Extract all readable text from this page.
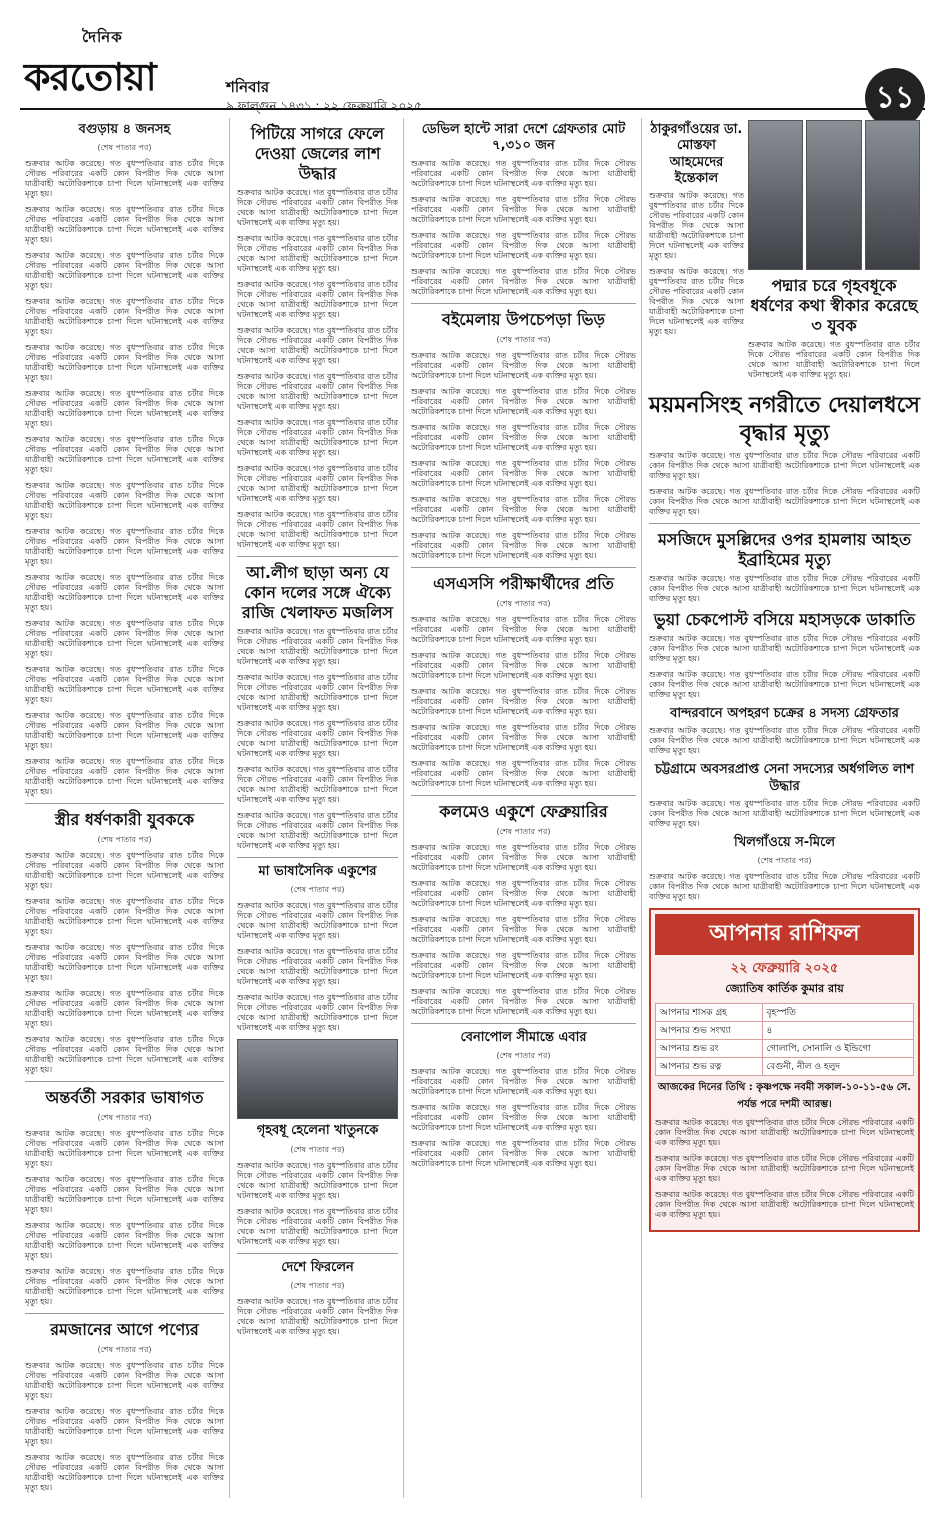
দৈনিক
করতোয়া	শনিবার
৯ ফাল্গুন ১৪৩১ : ২২ ফেব্রুয়ারি ২০২৫	১১
বগুড়ায় ৪ জনসহ
(শেষ পাতার পর)
শুক্রবার আটক করেছে। গত বুধস্পতিবার রাত চর্টার দিকে সৌরভ পরিবারের একটি কোন বিপরীত দিক থেকে আসা যাত্রীবাহী অটোরিকশাকে চাপা দিলে ঘটনাস্থলেই এক ব্যক্তির মৃত্যু হয়।
শুক্রবার আটক করেছে। গত বুধস্পতিবার রাত চর্টার দিকে সৌরভ পরিবারের একটি কোন বিপরীত দিক থেকে আসা যাত্রীবাহী অটোরিকশাকে চাপা দিলে ঘটনাস্থলেই এক ব্যক্তির মৃত্যু হয়।
শুক্রবার আটক করেছে। গত বুধস্পতিবার রাত চর্টার দিকে সৌরভ পরিবারের একটি কোন বিপরীত দিক থেকে আসা যাত্রীবাহী অটোরিকশাকে চাপা দিলে ঘটনাস্থলেই এক ব্যক্তির মৃত্যু হয়।
শুক্রবার আটক করেছে। গত বুধস্পতিবার রাত চর্টার দিকে সৌরভ পরিবারের একটি কোন বিপরীত দিক থেকে আসা যাত্রীবাহী অটোরিকশাকে চাপা দিলে ঘটনাস্থলেই এক ব্যক্তির মৃত্যু হয়।
শুক্রবার আটক করেছে। গত বুধস্পতিবার রাত চর্টার দিকে সৌরভ পরিবারের একটি কোন বিপরীত দিক থেকে আসা যাত্রীবাহী অটোরিকশাকে চাপা দিলে ঘটনাস্থলেই এক ব্যক্তির মৃত্যু হয়।
শুক্রবার আটক করেছে। গত বুধস্পতিবার রাত চর্টার দিকে সৌরভ পরিবারের একটি কোন বিপরীত দিক থেকে আসা যাত্রীবাহী অটোরিকশাকে চাপা দিলে ঘটনাস্থলেই এক ব্যক্তির মৃত্যু হয়।
শুক্রবার আটক করেছে। গত বুধস্পতিবার রাত চর্টার দিকে সৌরভ পরিবারের একটি কোন বিপরীত দিক থেকে আসা যাত্রীবাহী অটোরিকশাকে চাপা দিলে ঘটনাস্থলেই এক ব্যক্তির মৃত্যু হয়।
শুক্রবার আটক করেছে। গত বুধস্পতিবার রাত চর্টার দিকে সৌরভ পরিবারের একটি কোন বিপরীত দিক থেকে আসা যাত্রীবাহী অটোরিকশাকে চাপা দিলে ঘটনাস্থলেই এক ব্যক্তির মৃত্যু হয়।
শুক্রবার আটক করেছে। গত বুধস্পতিবার রাত চর্টার দিকে সৌরভ পরিবারের একটি কোন বিপরীত দিক থেকে আসা যাত্রীবাহী অটোরিকশাকে চাপা দিলে ঘটনাস্থলেই এক ব্যক্তির মৃত্যু হয়।
শুক্রবার আটক করেছে। গত বুধস্পতিবার রাত চর্টার দিকে সৌরভ পরিবারের একটি কোন বিপরীত দিক থেকে আসা যাত্রীবাহী অটোরিকশাকে চাপা দিলে ঘটনাস্থলেই এক ব্যক্তির মৃত্যু হয়।
শুক্রবার আটক করেছে। গত বুধস্পতিবার রাত চর্টার দিকে সৌরভ পরিবারের একটি কোন বিপরীত দিক থেকে আসা যাত্রীবাহী অটোরিকশাকে চাপা দিলে ঘটনাস্থলেই এক ব্যক্তির মৃত্যু হয়।
শুক্রবার আটক করেছে। গত বুধস্পতিবার রাত চর্টার দিকে সৌরভ পরিবারের একটি কোন বিপরীত দিক থেকে আসা যাত্রীবাহী অটোরিকশাকে চাপা দিলে ঘটনাস্থলেই এক ব্যক্তির মৃত্যু হয়।
শুক্রবার আটক করেছে। গত বুধস্পতিবার রাত চর্টার দিকে সৌরভ পরিবারের একটি কোন বিপরীত দিক থেকে আসা যাত্রীবাহী অটোরিকশাকে চাপা দিলে ঘটনাস্থলেই এক ব্যক্তির মৃত্যু হয়।
শুক্রবার আটক করেছে। গত বুধস্পতিবার রাত চর্টার দিকে সৌরভ পরিবারের একটি কোন বিপরীত দিক থেকে আসা যাত্রীবাহী অটোরিকশাকে চাপা দিলে ঘটনাস্থলেই এক ব্যক্তির মৃত্যু হয়।
স্ত্রীর ধর্ষণকারী যুবককে
(শেষ পাতার পর)
শুক্রবার আটক করেছে। গত বুধস্পতিবার রাত চর্টার দিকে সৌরভ পরিবারের একটি কোন বিপরীত দিক থেকে আসা যাত্রীবাহী অটোরিকশাকে চাপা দিলে ঘটনাস্থলেই এক ব্যক্তির মৃত্যু হয়।
শুক্রবার আটক করেছে। গত বুধস্পতিবার রাত চর্টার দিকে সৌরভ পরিবারের একটি কোন বিপরীত দিক থেকে আসা যাত্রীবাহী অটোরিকশাকে চাপা দিলে ঘটনাস্থলেই এক ব্যক্তির মৃত্যু হয়।
শুক্রবার আটক করেছে। গত বুধস্পতিবার রাত চর্টার দিকে সৌরভ পরিবারের একটি কোন বিপরীত দিক থেকে আসা যাত্রীবাহী অটোরিকশাকে চাপা দিলে ঘটনাস্থলেই এক ব্যক্তির মৃত্যু হয়।
শুক্রবার আটক করেছে। গত বুধস্পতিবার রাত চর্টার দিকে সৌরভ পরিবারের একটি কোন বিপরীত দিক থেকে আসা যাত্রীবাহী অটোরিকশাকে চাপা দিলে ঘটনাস্থলেই এক ব্যক্তির মৃত্যু হয়।
শুক্রবার আটক করেছে। গত বুধস্পতিবার রাত চর্টার দিকে সৌরভ পরিবারের একটি কোন বিপরীত দিক থেকে আসা যাত্রীবাহী অটোরিকশাকে চাপা দিলে ঘটনাস্থলেই এক ব্যক্তির মৃত্যু হয়।
অন্তর্বর্তী সরকার ভাষাগত
(শেষ পাতার পর)
শুক্রবার আটক করেছে। গত বুধস্পতিবার রাত চর্টার দিকে সৌরভ পরিবারের একটি কোন বিপরীত দিক থেকে আসা যাত্রীবাহী অটোরিকশাকে চাপা দিলে ঘটনাস্থলেই এক ব্যক্তির মৃত্যু হয়।
শুক্রবার আটক করেছে। গত বুধস্পতিবার রাত চর্টার দিকে সৌরভ পরিবারের একটি কোন বিপরীত দিক থেকে আসা যাত্রীবাহী অটোরিকশাকে চাপা দিলে ঘটনাস্থলেই এক ব্যক্তির মৃত্যু হয়।
শুক্রবার আটক করেছে। গত বুধস্পতিবার রাত চর্টার দিকে সৌরভ পরিবারের একটি কোন বিপরীত দিক থেকে আসা যাত্রীবাহী অটোরিকশাকে চাপা দিলে ঘটনাস্থলেই এক ব্যক্তির মৃত্যু হয়।
শুক্রবার আটক করেছে। গত বুধস্পতিবার রাত চর্টার দিকে সৌরভ পরিবারের একটি কোন বিপরীত দিক থেকে আসা যাত্রীবাহী অটোরিকশাকে চাপা দিলে ঘটনাস্থলেই এক ব্যক্তির মৃত্যু হয়।
রমজানের আগে পণ্যের
(শেষ পাতার পর)
শুক্রবার আটক করেছে। গত বুধস্পতিবার রাত চর্টার দিকে সৌরভ পরিবারের একটি কোন বিপরীত দিক থেকে আসা যাত্রীবাহী অটোরিকশাকে চাপা দিলে ঘটনাস্থলেই এক ব্যক্তির মৃত্যু হয়।
শুক্রবার আটক করেছে। গত বুধস্পতিবার রাত চর্টার দিকে সৌরভ পরিবারের একটি কোন বিপরীত দিক থেকে আসা যাত্রীবাহী অটোরিকশাকে চাপা দিলে ঘটনাস্থলেই এক ব্যক্তির মৃত্যু হয়।
শুক্রবার আটক করেছে। গত বুধস্পতিবার রাত চর্টার দিকে সৌরভ পরিবারের একটি কোন বিপরীত দিক থেকে আসা যাত্রীবাহী অটোরিকশাকে চাপা দিলে ঘটনাস্থলেই এক ব্যক্তির মৃত্যু হয়।
পিটিয়ে সাগরে ফেলে দেওয়া জেলের লাশ উদ্ধার
শুক্রবার আটক করেছে। গত বুধস্পতিবার রাত চর্টার দিকে সৌরভ পরিবারের একটি কোন বিপরীত দিক থেকে আসা যাত্রীবাহী অটোরিকশাকে চাপা দিলে ঘটনাস্থলেই এক ব্যক্তির মৃত্যু হয়।
শুক্রবার আটক করেছে। গত বুধস্পতিবার রাত চর্টার দিকে সৌরভ পরিবারের একটি কোন বিপরীত দিক থেকে আসা যাত্রীবাহী অটোরিকশাকে চাপা দিলে ঘটনাস্থলেই এক ব্যক্তির মৃত্যু হয়।
শুক্রবার আটক করেছে। গত বুধস্পতিবার রাত চর্টার দিকে সৌরভ পরিবারের একটি কোন বিপরীত দিক থেকে আসা যাত্রীবাহী অটোরিকশাকে চাপা দিলে ঘটনাস্থলেই এক ব্যক্তির মৃত্যু হয়।
শুক্রবার আটক করেছে। গত বুধস্পতিবার রাত চর্টার দিকে সৌরভ পরিবারের একটি কোন বিপরীত দিক থেকে আসা যাত্রীবাহী অটোরিকশাকে চাপা দিলে ঘটনাস্থলেই এক ব্যক্তির মৃত্যু হয়।
শুক্রবার আটক করেছে। গত বুধস্পতিবার রাত চর্টার দিকে সৌরভ পরিবারের একটি কোন বিপরীত দিক থেকে আসা যাত্রীবাহী অটোরিকশাকে চাপা দিলে ঘটনাস্থলেই এক ব্যক্তির মৃত্যু হয়।
শুক্রবার আটক করেছে। গত বুধস্পতিবার রাত চর্টার দিকে সৌরভ পরিবারের একটি কোন বিপরীত দিক থেকে আসা যাত্রীবাহী অটোরিকশাকে চাপা দিলে ঘটনাস্থলেই এক ব্যক্তির মৃত্যু হয়।
শুক্রবার আটক করেছে। গত বুধস্পতিবার রাত চর্টার দিকে সৌরভ পরিবারের একটি কোন বিপরীত দিক থেকে আসা যাত্রীবাহী অটোরিকশাকে চাপা দিলে ঘটনাস্থলেই এক ব্যক্তির মৃত্যু হয়।
শুক্রবার আটক করেছে। গত বুধস্পতিবার রাত চর্টার দিকে সৌরভ পরিবারের একটি কোন বিপরীত দিক থেকে আসা যাত্রীবাহী অটোরিকশাকে চাপা দিলে ঘটনাস্থলেই এক ব্যক্তির মৃত্যু হয়।
আ.লীগ ছাড়া অন্য যে কোন দলের সঙ্গে ঐক্যে রাজি খেলাফত মজলিস
শুক্রবার আটক করেছে। গত বুধস্পতিবার রাত চর্টার দিকে সৌরভ পরিবারের একটি কোন বিপরীত দিক থেকে আসা যাত্রীবাহী অটোরিকশাকে চাপা দিলে ঘটনাস্থলেই এক ব্যক্তির মৃত্যু হয়।
শুক্রবার আটক করেছে। গত বুধস্পতিবার রাত চর্টার দিকে সৌরভ পরিবারের একটি কোন বিপরীত দিক থেকে আসা যাত্রীবাহী অটোরিকশাকে চাপা দিলে ঘটনাস্থলেই এক ব্যক্তির মৃত্যু হয়।
শুক্রবার আটক করেছে। গত বুধস্পতিবার রাত চর্টার দিকে সৌরভ পরিবারের একটি কোন বিপরীত দিক থেকে আসা যাত্রীবাহী অটোরিকশাকে চাপা দিলে ঘটনাস্থলেই এক ব্যক্তির মৃত্যু হয়।
শুক্রবার আটক করেছে। গত বুধস্পতিবার রাত চর্টার দিকে সৌরভ পরিবারের একটি কোন বিপরীত দিক থেকে আসা যাত্রীবাহী অটোরিকশাকে চাপা দিলে ঘটনাস্থলেই এক ব্যক্তির মৃত্যু হয়।
শুক্রবার আটক করেছে। গত বুধস্পতিবার রাত চর্টার দিকে সৌরভ পরিবারের একটি কোন বিপরীত দিক থেকে আসা যাত্রীবাহী অটোরিকশাকে চাপা দিলে ঘটনাস্থলেই এক ব্যক্তির মৃত্যু হয়।
মা ভাষাসৈনিক একুশের
(শেষ পাতার পর)
শুক্রবার আটক করেছে। গত বুধস্পতিবার রাত চর্টার দিকে সৌরভ পরিবারের একটি কোন বিপরীত দিক থেকে আসা যাত্রীবাহী অটোরিকশাকে চাপা দিলে ঘটনাস্থলেই এক ব্যক্তির মৃত্যু হয়।
শুক্রবার আটক করেছে। গত বুধস্পতিবার রাত চর্টার দিকে সৌরভ পরিবারের একটি কোন বিপরীত দিক থেকে আসা যাত্রীবাহী অটোরিকশাকে চাপা দিলে ঘটনাস্থলেই এক ব্যক্তির মৃত্যু হয়।
শুক্রবার আটক করেছে। গত বুধস্পতিবার রাত চর্টার দিকে সৌরভ পরিবারের একটি কোন বিপরীত দিক থেকে আসা যাত্রীবাহী অটোরিকশাকে চাপা দিলে ঘটনাস্থলেই এক ব্যক্তির মৃত্যু হয়।
গৃহবধূ হেলেনা খাতুনকে
(শেষ পাতার পর)
শুক্রবার আটক করেছে। গত বুধস্পতিবার রাত চর্টার দিকে সৌরভ পরিবারের একটি কোন বিপরীত দিক থেকে আসা যাত্রীবাহী অটোরিকশাকে চাপা দিলে ঘটনাস্থলেই এক ব্যক্তির মৃত্যু হয়।
শুক্রবার আটক করেছে। গত বুধস্পতিবার রাত চর্টার দিকে সৌরভ পরিবারের একটি কোন বিপরীত দিক থেকে আসা যাত্রীবাহী অটোরিকশাকে চাপা দিলে ঘটনাস্থলেই এক ব্যক্তির মৃত্যু হয়।
দেশে ফিরলেন
(শেষ পাতার পর)
শুক্রবার আটক করেছে। গত বুধস্পতিবার রাত চর্টার দিকে সৌরভ পরিবারের একটি কোন বিপরীত দিক থেকে আসা যাত্রীবাহী অটোরিকশাকে চাপা দিলে ঘটনাস্থলেই এক ব্যক্তির মৃত্যু হয়।
ডেভিল হান্টে সারা দেশে গ্রেফতার মোট ৭,৩১০ জন
শুক্রবার আটক করেছে। গত বুধস্পতিবার রাত চর্টার দিকে সৌরভ পরিবারের একটি কোন বিপরীত দিক থেকে আসা যাত্রীবাহী অটোরিকশাকে চাপা দিলে ঘটনাস্থলেই এক ব্যক্তির মৃত্যু হয়।
শুক্রবার আটক করেছে। গত বুধস্পতিবার রাত চর্টার দিকে সৌরভ পরিবারের একটি কোন বিপরীত দিক থেকে আসা যাত্রীবাহী অটোরিকশাকে চাপা দিলে ঘটনাস্থলেই এক ব্যক্তির মৃত্যু হয়।
শুক্রবার আটক করেছে। গত বুধস্পতিবার রাত চর্টার দিকে সৌরভ পরিবারের একটি কোন বিপরীত দিক থেকে আসা যাত্রীবাহী অটোরিকশাকে চাপা দিলে ঘটনাস্থলেই এক ব্যক্তির মৃত্যু হয়।
শুক্রবার আটক করেছে। গত বুধস্পতিবার রাত চর্টার দিকে সৌরভ পরিবারের একটি কোন বিপরীত দিক থেকে আসা যাত্রীবাহী অটোরিকশাকে চাপা দিলে ঘটনাস্থলেই এক ব্যক্তির মৃত্যু হয়।
বইমেলায় উপচেপড়া ভিড়
(শেষ পাতার পর)
শুক্রবার আটক করেছে। গত বুধস্পতিবার রাত চর্টার দিকে সৌরভ পরিবারের একটি কোন বিপরীত দিক থেকে আসা যাত্রীবাহী অটোরিকশাকে চাপা দিলে ঘটনাস্থলেই এক ব্যক্তির মৃত্যু হয়।
শুক্রবার আটক করেছে। গত বুধস্পতিবার রাত চর্টার দিকে সৌরভ পরিবারের একটি কোন বিপরীত দিক থেকে আসা যাত্রীবাহী অটোরিকশাকে চাপা দিলে ঘটনাস্থলেই এক ব্যক্তির মৃত্যু হয়।
শুক্রবার আটক করেছে। গত বুধস্পতিবার রাত চর্টার দিকে সৌরভ পরিবারের একটি কোন বিপরীত দিক থেকে আসা যাত্রীবাহী অটোরিকশাকে চাপা দিলে ঘটনাস্থলেই এক ব্যক্তির মৃত্যু হয়।
শুক্রবার আটক করেছে। গত বুধস্পতিবার রাত চর্টার দিকে সৌরভ পরিবারের একটি কোন বিপরীত দিক থেকে আসা যাত্রীবাহী অটোরিকশাকে চাপা দিলে ঘটনাস্থলেই এক ব্যক্তির মৃত্যু হয়।
শুক্রবার আটক করেছে। গত বুধস্পতিবার রাত চর্টার দিকে সৌরভ পরিবারের একটি কোন বিপরীত দিক থেকে আসা যাত্রীবাহী অটোরিকশাকে চাপা দিলে ঘটনাস্থলেই এক ব্যক্তির মৃত্যু হয়।
শুক্রবার আটক করেছে। গত বুধস্পতিবার রাত চর্টার দিকে সৌরভ পরিবারের একটি কোন বিপরীত দিক থেকে আসা যাত্রীবাহী অটোরিকশাকে চাপা দিলে ঘটনাস্থলেই এক ব্যক্তির মৃত্যু হয়।
এসএসসি পরীক্ষার্থীদের প্রতি
(শেষ পাতার পর)
শুক্রবার আটক করেছে। গত বুধস্পতিবার রাত চর্টার দিকে সৌরভ পরিবারের একটি কোন বিপরীত দিক থেকে আসা যাত্রীবাহী অটোরিকশাকে চাপা দিলে ঘটনাস্থলেই এক ব্যক্তির মৃত্যু হয়।
শুক্রবার আটক করেছে। গত বুধস্পতিবার রাত চর্টার দিকে সৌরভ পরিবারের একটি কোন বিপরীত দিক থেকে আসা যাত্রীবাহী অটোরিকশাকে চাপা দিলে ঘটনাস্থলেই এক ব্যক্তির মৃত্যু হয়।
শুক্রবার আটক করেছে। গত বুধস্পতিবার রাত চর্টার দিকে সৌরভ পরিবারের একটি কোন বিপরীত দিক থেকে আসা যাত্রীবাহী অটোরিকশাকে চাপা দিলে ঘটনাস্থলেই এক ব্যক্তির মৃত্যু হয়।
শুক্রবার আটক করেছে। গত বুধস্পতিবার রাত চর্টার দিকে সৌরভ পরিবারের একটি কোন বিপরীত দিক থেকে আসা যাত্রীবাহী অটোরিকশাকে চাপা দিলে ঘটনাস্থলেই এক ব্যক্তির মৃত্যু হয়।
শুক্রবার আটক করেছে। গত বুধস্পতিবার রাত চর্টার দিকে সৌরভ পরিবারের একটি কোন বিপরীত দিক থেকে আসা যাত্রীবাহী অটোরিকশাকে চাপা দিলে ঘটনাস্থলেই এক ব্যক্তির মৃত্যু হয়।
কলমেও একুশে ফেব্রুয়ারির
(শেষ পাতার পর)
শুক্রবার আটক করেছে। গত বুধস্পতিবার রাত চর্টার দিকে সৌরভ পরিবারের একটি কোন বিপরীত দিক থেকে আসা যাত্রীবাহী অটোরিকশাকে চাপা দিলে ঘটনাস্থলেই এক ব্যক্তির মৃত্যু হয়।
শুক্রবার আটক করেছে। গত বুধস্পতিবার রাত চর্টার দিকে সৌরভ পরিবারের একটি কোন বিপরীত দিক থেকে আসা যাত্রীবাহী অটোরিকশাকে চাপা দিলে ঘটনাস্থলেই এক ব্যক্তির মৃত্যু হয়।
শুক্রবার আটক করেছে। গত বুধস্পতিবার রাত চর্টার দিকে সৌরভ পরিবারের একটি কোন বিপরীত দিক থেকে আসা যাত্রীবাহী অটোরিকশাকে চাপা দিলে ঘটনাস্থলেই এক ব্যক্তির মৃত্যু হয়।
শুক্রবার আটক করেছে। গত বুধস্পতিবার রাত চর্টার দিকে সৌরভ পরিবারের একটি কোন বিপরীত দিক থেকে আসা যাত্রীবাহী অটোরিকশাকে চাপা দিলে ঘটনাস্থলেই এক ব্যক্তির মৃত্যু হয়।
শুক্রবার আটক করেছে। গত বুধস্পতিবার রাত চর্টার দিকে সৌরভ পরিবারের একটি কোন বিপরীত দিক থেকে আসা যাত্রীবাহী অটোরিকশাকে চাপা দিলে ঘটনাস্থলেই এক ব্যক্তির মৃত্যু হয়।
বেনাপোল সীমান্তে এবার
(শেষ পাতার পর)
শুক্রবার আটক করেছে। গত বুধস্পতিবার রাত চর্টার দিকে সৌরভ পরিবারের একটি কোন বিপরীত দিক থেকে আসা যাত্রীবাহী অটোরিকশাকে চাপা দিলে ঘটনাস্থলেই এক ব্যক্তির মৃত্যু হয়।
শুক্রবার আটক করেছে। গত বুধস্পতিবার রাত চর্টার দিকে সৌরভ পরিবারের একটি কোন বিপরীত দিক থেকে আসা যাত্রীবাহী অটোরিকশাকে চাপা দিলে ঘটনাস্থলেই এক ব্যক্তির মৃত্যু হয়।
শুক্রবার আটক করেছে। গত বুধস্পতিবার রাত চর্টার দিকে সৌরভ পরিবারের একটি কোন বিপরীত দিক থেকে আসা যাত্রীবাহী অটোরিকশাকে চাপা দিলে ঘটনাস্থলেই এক ব্যক্তির মৃত্যু হয়।
ঠাকুরগাঁওয়ের ডা. মোস্তফা আহমেদের ইন্তেকাল
শুক্রবার আটক করেছে। গত বুধস্পতিবার রাত চর্টার দিকে সৌরভ পরিবারের একটি কোন বিপরীত দিক থেকে আসা যাত্রীবাহী অটোরিকশাকে চাপা দিলে ঘটনাস্থলেই এক ব্যক্তির মৃত্যু হয়।
শুক্রবার আটক করেছে। গত বুধস্পতিবার রাত চর্টার দিকে সৌরভ পরিবারের একটি কোন বিপরীত দিক থেকে আসা যাত্রীবাহী অটোরিকশাকে চাপা দিলে ঘটনাস্থলেই এক ব্যক্তির মৃত্যু হয়।
পদ্মার চরে গৃহবধূকে ধর্ষণের কথা স্বীকার করেছে ৩ যুবক
শুক্রবার আটক করেছে। গত বুধস্পতিবার রাত চর্টার দিকে সৌরভ পরিবারের একটি কোন বিপরীত দিক থেকে আসা যাত্রীবাহী অটোরিকশাকে চাপা দিলে ঘটনাস্থলেই এক ব্যক্তির মৃত্যু হয়।
ময়মনসিংহ নগরীতে দেয়ালধসে বৃদ্ধার মৃত্যু
শুক্রবার আটক করেছে। গত বুধস্পতিবার রাত চর্টার দিকে সৌরভ পরিবারের একটি কোন বিপরীত দিক থেকে আসা যাত্রীবাহী অটোরিকশাকে চাপা দিলে ঘটনাস্থলেই এক ব্যক্তির মৃত্যু হয়।
শুক্রবার আটক করেছে। গত বুধস্পতিবার রাত চর্টার দিকে সৌরভ পরিবারের একটি কোন বিপরীত দিক থেকে আসা যাত্রীবাহী অটোরিকশাকে চাপা দিলে ঘটনাস্থলেই এক ব্যক্তির মৃত্যু হয়।
মসজিদে মুসল্লিদের ওপর হামলায় আহত ইব্রাহিমের মৃত্যু
শুক্রবার আটক করেছে। গত বুধস্পতিবার রাত চর্টার দিকে সৌরভ পরিবারের একটি কোন বিপরীত দিক থেকে আসা যাত্রীবাহী অটোরিকশাকে চাপা দিলে ঘটনাস্থলেই এক ব্যক্তির মৃত্যু হয়।
ভুয়া চেকপোস্ট বসিয়ে মহাসড়কে ডাকাতি
শুক্রবার আটক করেছে। গত বুধস্পতিবার রাত চর্টার দিকে সৌরভ পরিবারের একটি কোন বিপরীত দিক থেকে আসা যাত্রীবাহী অটোরিকশাকে চাপা দিলে ঘটনাস্থলেই এক ব্যক্তির মৃত্যু হয়।
শুক্রবার আটক করেছে। গত বুধস্পতিবার রাত চর্টার দিকে সৌরভ পরিবারের একটি কোন বিপরীত দিক থেকে আসা যাত্রীবাহী অটোরিকশাকে চাপা দিলে ঘটনাস্থলেই এক ব্যক্তির মৃত্যু হয়।
বান্দরবানে অপহরণ চক্রের ৪ সদস্য গ্রেফতার
শুক্রবার আটক করেছে। গত বুধস্পতিবার রাত চর্টার দিকে সৌরভ পরিবারের একটি কোন বিপরীত দিক থেকে আসা যাত্রীবাহী অটোরিকশাকে চাপা দিলে ঘটনাস্থলেই এক ব্যক্তির মৃত্যু হয়।
চট্টগ্রামে অবসরপ্রাপ্ত সেনা সদস্যের অর্ধগলিত লাশ উদ্ধার
শুক্রবার আটক করেছে। গত বুধস্পতিবার রাত চর্টার দিকে সৌরভ পরিবারের একটি কোন বিপরীত দিক থেকে আসা যাত্রীবাহী অটোরিকশাকে চাপা দিলে ঘটনাস্থলেই এক ব্যক্তির মৃত্যু হয়।
খিলগাঁওয়ে স-মিলে
(শেষ পাতার পর)
শুক্রবার আটক করেছে। গত বুধস্পতিবার রাত চর্টার দিকে সৌরভ পরিবারের একটি কোন বিপরীত দিক থেকে আসা যাত্রীবাহী অটোরিকশাকে চাপা দিলে ঘটনাস্থলেই এক ব্যক্তির মৃত্যু হয়।
আপনার রাশিফল
২২ ফেব্রুয়ারি ২০২৫
জ্যোতিষ কার্তিক কুমার রায়
আপনার শাসক গ্রহ	বৃহস্পতি
আপনার শুভ সংখ্যা	৪
আপনার শুভ রং	গোলাপি, সোনালি ও ইন্ডিগো
আপনার শুভ রত্ন	বেগুনী, নীল ও হলুদ
আজকের দিনের তিথি : কৃষ্ণপক্ষে নবমী সকাল-১০-১১-৫৬ সে. পর্যন্ত পরে দশমী আরম্ভ।
শুক্রবার আটক করেছে। গত বুধস্পতিবার রাত চর্টার দিকে সৌরভ পরিবারের একটি কোন বিপরীত দিক থেকে আসা যাত্রীবাহী অটোরিকশাকে চাপা দিলে ঘটনাস্থলেই এক ব্যক্তির মৃত্যু হয়।
শুক্রবার আটক করেছে। গত বুধস্পতিবার রাত চর্টার দিকে সৌরভ পরিবারের একটি কোন বিপরীত দিক থেকে আসা যাত্রীবাহী অটোরিকশাকে চাপা দিলে ঘটনাস্থলেই এক ব্যক্তির মৃত্যু হয়।
শুক্রবার আটক করেছে। গত বুধস্পতিবার রাত চর্টার দিকে সৌরভ পরিবারের একটি কোন বিপরীত দিক থেকে আসা যাত্রীবাহী অটোরিকশাকে চাপা দিলে ঘটনাস্থলেই এক ব্যক্তির মৃত্যু হয়।
